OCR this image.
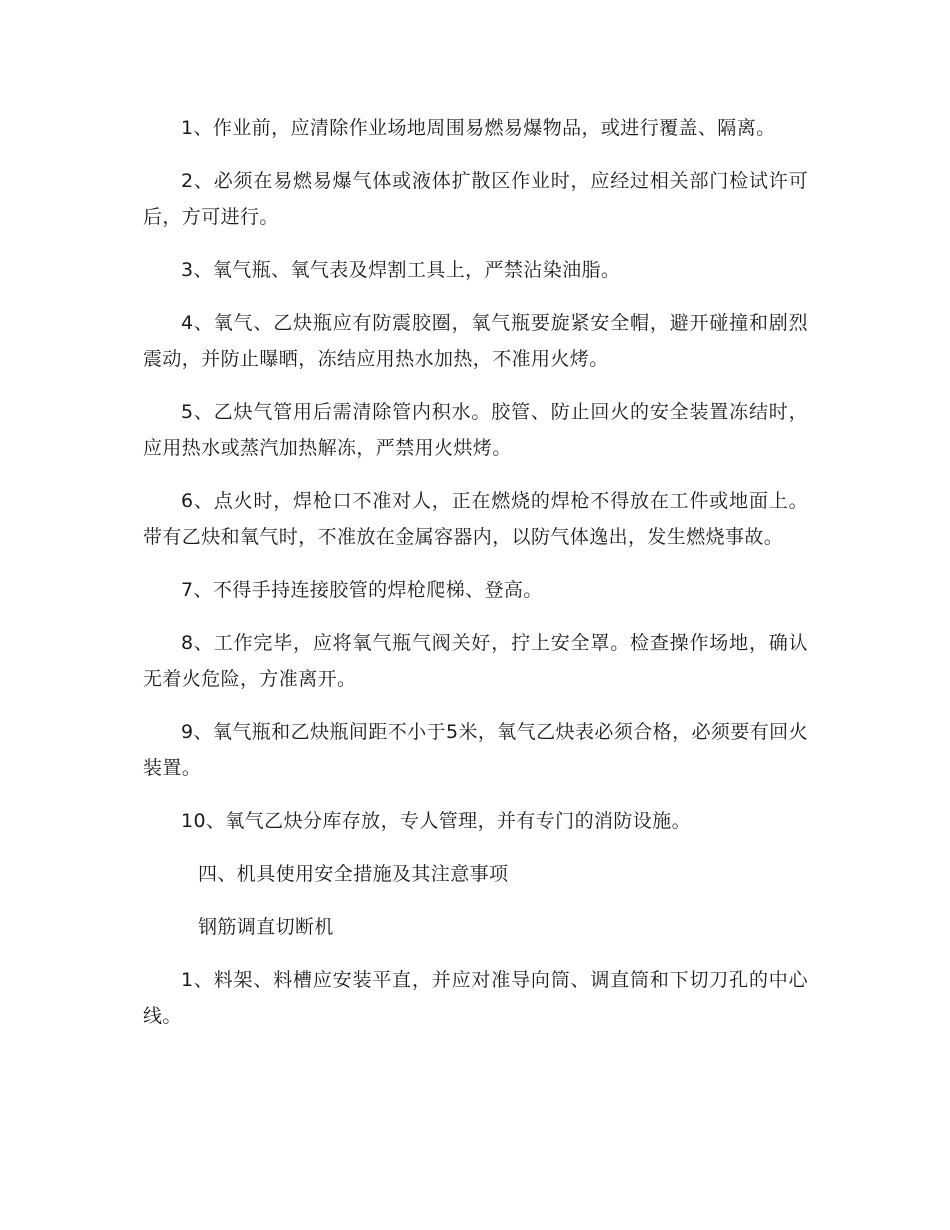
1、作业前，应清除作业场地周围易燃易爆物品，或进行覆盖、隔离。

2、必须在易燃易爆气体或液体扩散区作业时，应经过相关部门检试许可后，方可进行。

3、氧气瓶、氧气表及焊割工具上，严禁沾染油脂。

4、氧气、乙炔瓶应有防震胶圈，氧气瓶要旋紧安全帽，避开碰撞和剧烈震动，并防止曝晒，冻结应用热水加热，不准用火烤。

5、乙炔气管用后需清除管内积水。胶管、防止回火的安全装置冻结时，应用热水或蒸汽加热解冻，严禁用火烘烤。

6、点火时，焊枪口不准对人，正在燃烧的焊枪不得放在工件或地面上。带有乙炔和氧气时，不准放在金属容器内，以防气体逸出，发生燃烧事故。

7、不得手持连接胶管的焊枪爬梯、登高。

8、工作完毕，应将氧气瓶气阀关好，拧上安全罩。检查操作场地，确认无着火危险，方准离开。

9、氧气瓶和乙炔瓶间距不小于5米，氧气乙炔表必须合格，必须要有回火装置。

10、氧气乙炔分库存放，专人管理，并有专门的消防设施。

四、机具使用安全措施及其注意事项

钢筋调直切断机

1、料架、料槽应安装平直，并应对准导向筒、调直筒和下切刀孔的中心线。
